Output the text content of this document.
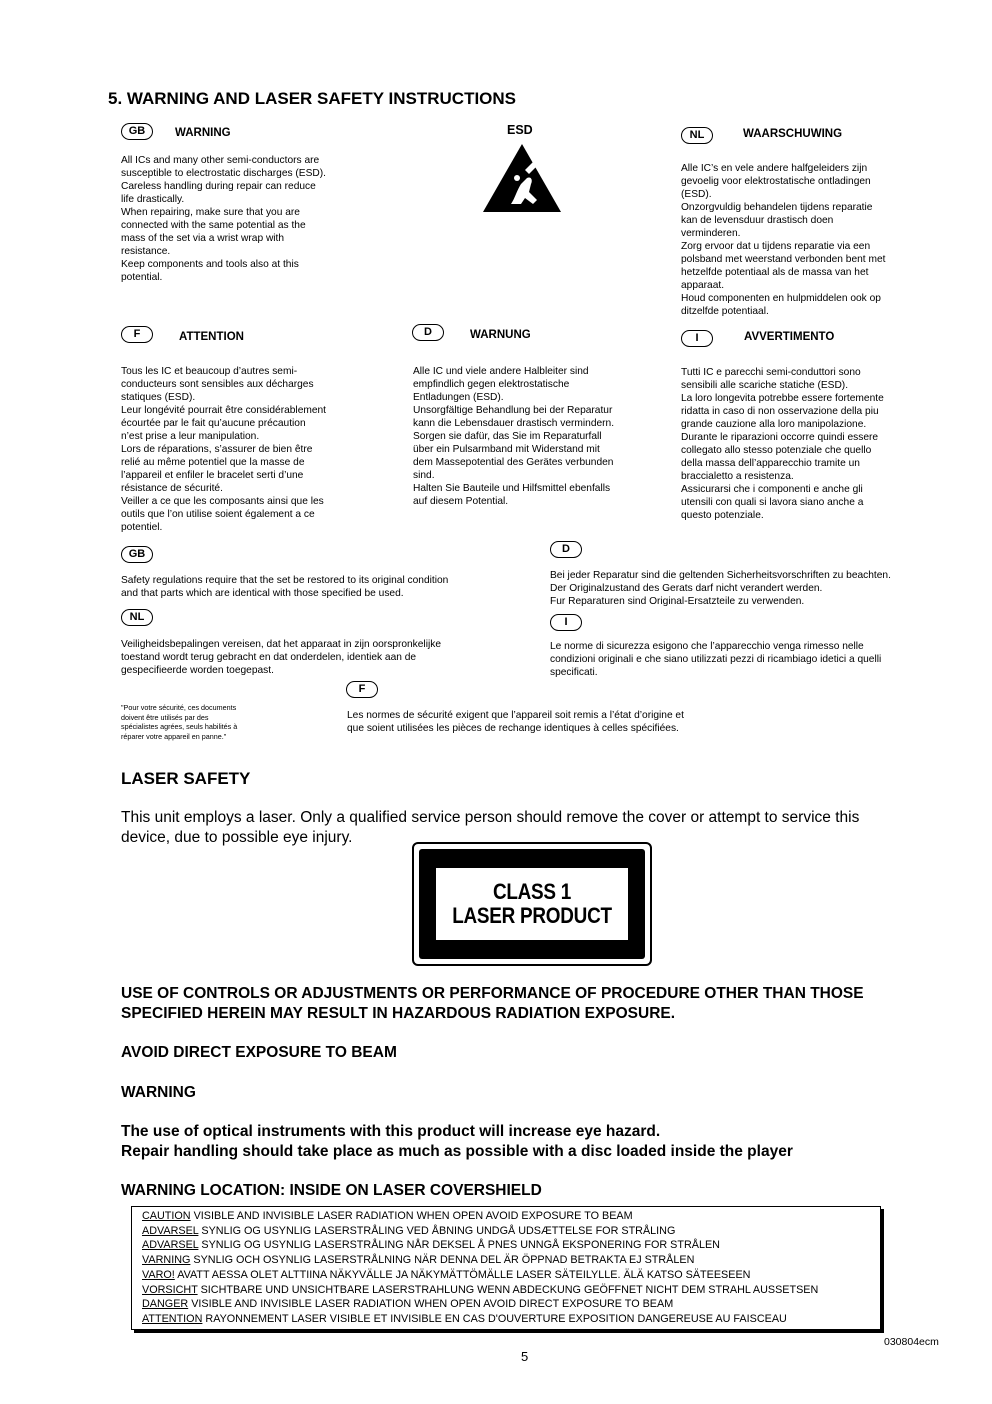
5. WARNING AND LASER SAFETY INSTRUCTIONS
GB	WARNING
All ICs and many other semi-conductors are
susceptible to electrostatic discharges (ESD).
Careless handling during repair can reduce
life drastically.
When repairing, make sure that you are
connected with the same potential as the
mass of the set via a wrist wrap with
resistance.
Keep components and tools also at this
potential.
ESD	NL	WAARSCHUWING
Alle IC’s en vele andere halfgeleiders zijn
gevoelig voor elektrostatische ontladingen
(ESD).
Onzorgvuldig behandelen tijdens reparatie
kan de levensduur drastisch doen
verminderen.
Zorg ervoor dat u tijdens reparatie via een
polsband met weerstand verbonden bent met
hetzelfde potentiaal als de massa van het
apparaat.
Houd componenten en hulpmiddelen ook op
ditzelfde potentiaal.
F	ATTENTION
Tous les IC et beaucoup d’autres semi-
conducteurs sont sensibles aux décharges
statiques (ESD).
Leur longévité pourrait être considérablement
écourtée par le fait qu’aucune précaution
n’est prise a leur manipulation.
Lors de réparations, s’assurer de bien être
relié au même potentiel que la masse de
l’appareil et enfiler le bracelet serti d’une
résistance de sécurité.
Veiller a ce que les composants ainsi que les
outils que l’on utilise soient également a ce
potentiel.
D	WARNUNG
Alle IC und viele andere Halbleiter sind
empfindlich gegen elektrostatische
Entladungen (ESD).
Unsorgfältige Behandlung bei der Reparatur
kann die Lebensdauer drastisch vermindern.
Sorgen sie dafür, das Sie im Reparaturfall
über ein Pulsarmband mit Widerstand mit
dem Massepotential des Gerätes verbunden
sind.
Halten Sie Bauteile und Hilfsmittel ebenfalls
auf diesem Potential.
I	AVVERTIMENTO
Tutti IC e parecchi semi-conduttori sono
sensibili alle scariche statiche (ESD).
La loro longevita potrebbe essere fortemente
ridatta in caso di non osservazione della piu
grande cauzione alla loro manipolazione.
Durante le riparazioni occorre quindi essere
collegato allo stesso potenziale che quello
della massa dell’apparecchio tramite un
braccialetto a resistenza.
Assicurarsi che i componenti e anche gli
utensili con quali si lavora siano anche a
questo potenziale.
GB
Safety regulations require that the set be restored to its original condition
and that parts which are identical with those specified be used.
NL
Veiligheidsbepalingen vereisen, dat het apparaat in zijn oorspronkelijke
toestand wordt terug gebracht en dat onderdelen, identiek aan de
gespecifieerde worden toegepast.
D
Bei jeder Reparatur sind die geltenden Sicherheitsvorschriften zu beachten.
Der Originalzustand des Gerats darf nicht verandert werden.
Fur Reparaturen sind Original-Ersatzteile zu verwenden.
I
Le norme di sicurezza esigono che l’apparecchio venga rimesso nelle
condizioni originali e che siano utilizzati pezzi di ricambiago idetici a quelli
specificati.
F
Les normes de sécurité exigent que l’appareil soit remis a l’état d’origine et
que soient utilisées les pièces de rechange identiques à celles spécifiées.
"Pour votre sécurité, ces documents
doivent être utilisés par des
spécialistes agrées, seuls habilités à
réparer votre appareil en panne."
LASER SAFETY
This unit employs a laser. Only a qualified service person should remove the cover or attempt to service this
device, due to possible eye injury.
CLASS 1
LASER PRODUCT
USE OF CONTROLS OR ADJUSTMENTS OR PERFORMANCE OF PROCEDURE OTHER THAN THOSE
SPECIFIED HEREIN MAY RESULT IN HAZARDOUS RADIATION EXPOSURE.
AVOID DIRECT EXPOSURE TO BEAM
WARNING
The use of optical instruments with this product will increase eye hazard.
Repair handling should take place as much as possible with a disc loaded inside the player
WARNING LOCATION: INSIDE ON LASER COVERSHIELD
CAUTION VISIBLE AND INVISIBLE LASER RADIATION WHEN OPEN AVOID EXPOSURE TO BEAM
ADVARSEL SYNLIG OG USYNLIG LASERSTRÅLING VED ÅBNING UNDGÅ UDSÆTTELSE FOR STRÅLING
ADVARSEL SYNLIG OG USYNLIG LASERSTRÅLING NÅR DEKSEL Å PNES UNNGÅ EKSPONERING FOR STRÅLEN
VARNING SYNLIG OCH OSYNLIG LASERSTRÅLNING NÄR DENNA DEL ÄR ÖPPNAD BETRAKTA EJ STRÅLEN
VARO! AVATT AESSA OLET ALTTIINA NÄKYVÄLLE JA NÄKYMÄTTÖMÄLLE LASER SÄTEILYLLE. ÄLÄ KATSO SÄTEESEEN
VORSICHT SICHTBARE UND UNSICHTBARE LASERSTRAHLUNG WENN ABDECKUNG GEÖFFNET NICHT DEM STRAHL AUSSETSEN
DANGER VISIBLE AND INVISIBLE LASER RADIATION WHEN OPEN AVOID DIRECT EXPOSURE TO BEAM
ATTENTION RAYONNEMENT LASER VISIBLE ET INVISIBLE EN CAS D'OUVERTURE EXPOSITION DANGEREUSE AU FAISCEAU
030804ecm
5
